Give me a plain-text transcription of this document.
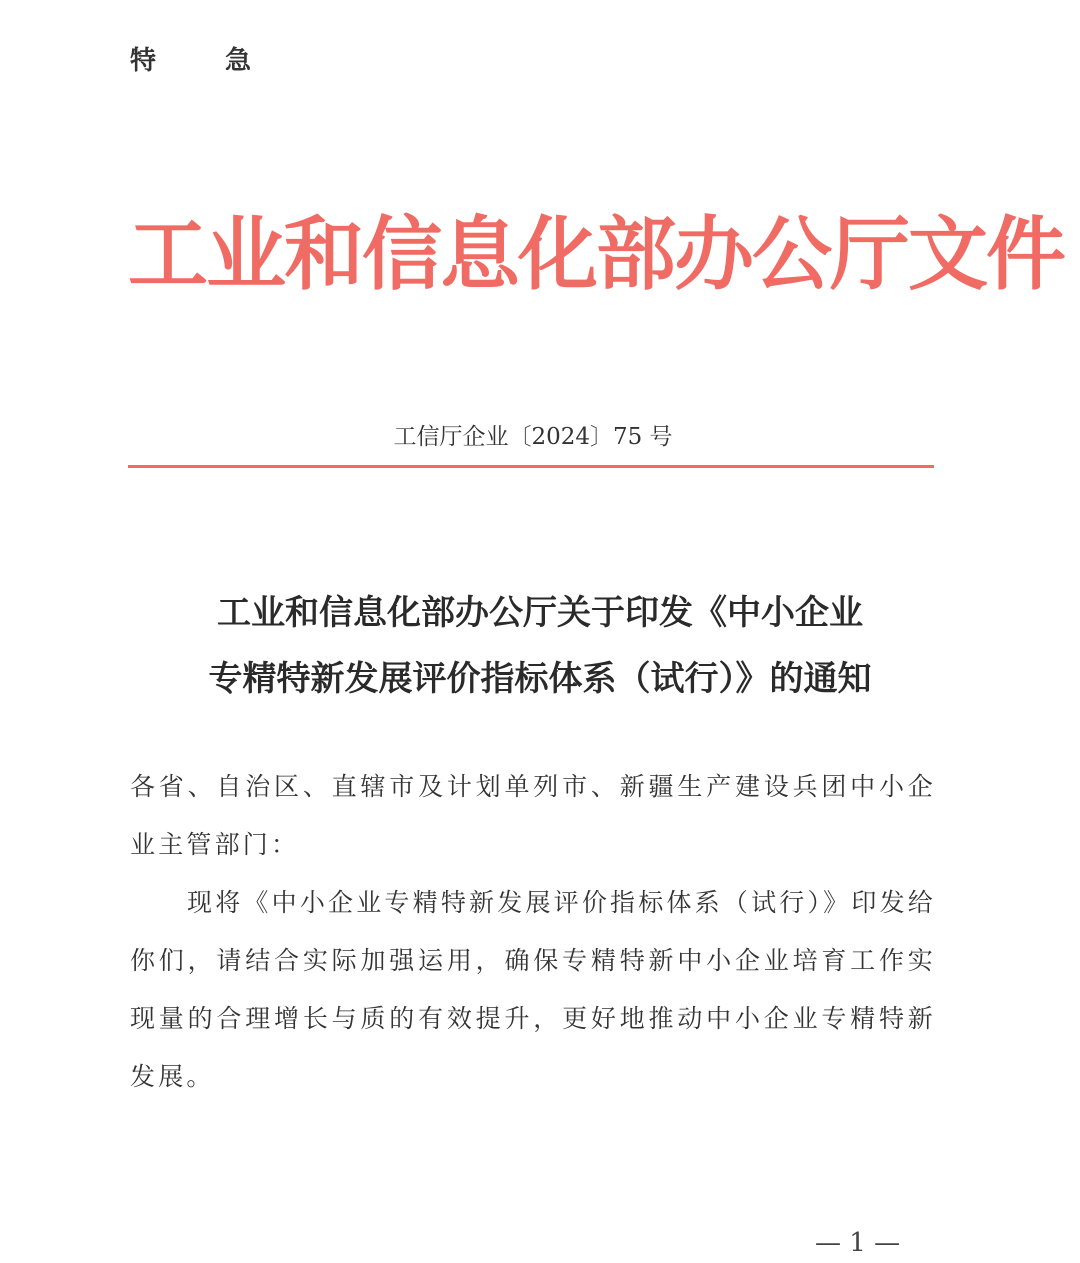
特 急
工业和信息化部办公厅文件
工信厅企业〔2024〕75 号
工业和信息化部办公厅关于印发《中小企业
专精特新发展评价指标体系（试行）》的通知

各省、自治区、直辖市及计划单列市、新疆生产建设兵团中小企业主管部门：

现将《中小企业专精特新发展评价指标体系（试行）》印发给你们，请结合实际加强运用，确保专精特新中小企业培育工作实现量的合理增长与质的有效提升，更好地推动中小企业专精特新发展。

— 1 —
